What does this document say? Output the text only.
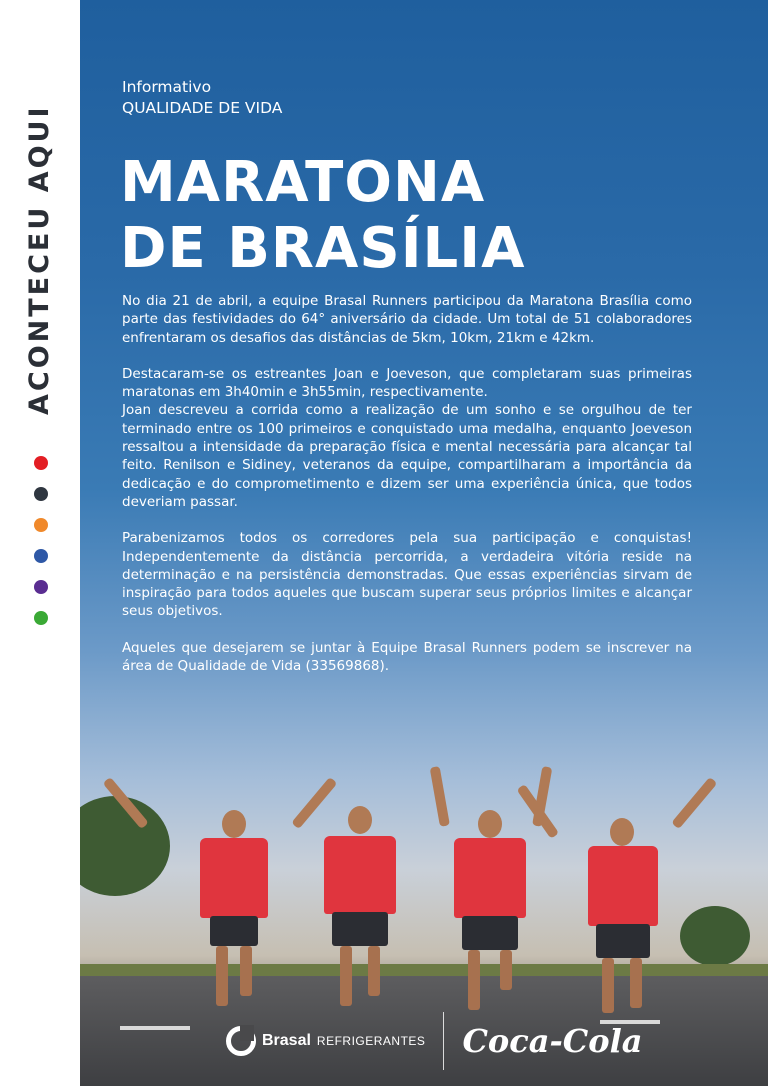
ACONTECEU AQUI
Informativo
QUALIDADE DE VIDA
MARATONA
DE BRASÍLIA

No dia 21 de abril, a equipe Brasal Runners participou da Maratona Brasília como parte das festividades do 64° aniversário da cidade. Um total de 51 colaboradores enfrentaram os desafios das distâncias de 5km, 10km, 21km e 42km.

Destacaram-se os estreantes Joan e Joeveson, que completaram suas primeiras maratonas em 3h40min e 3h55min, respectivamente.

Joan descreveu a corrida como a realização de um sonho e se orgulhou de ter terminado entre os 100 primeiros e conquistado uma medalha, enquanto Joeveson ressaltou a intensidade da preparação física e mental necessária para alcançar tal feito. Renilson e Sidiney, veteranos da equipe, compartilharam a importância da dedicação e do comprometimento e dizem ser uma experiência única, que todos deveriam passar.

Parabenizamos todos os corredores pela sua participação e conquistas! Independentemente da distância percorrida, a verdadeira vitória reside na determinação e na persistência demonstradas. Que essas experiências sirvam de inspiração para todos aqueles que buscam superar seus próprios limites e alcançar seus objetivos.

Aqueles que desejarem se juntar à Equipe Brasal Runners podem se inscrever na área de Qualidade de Vida (33569868).

Brasal REFRIGERANTES Coca-Cola
